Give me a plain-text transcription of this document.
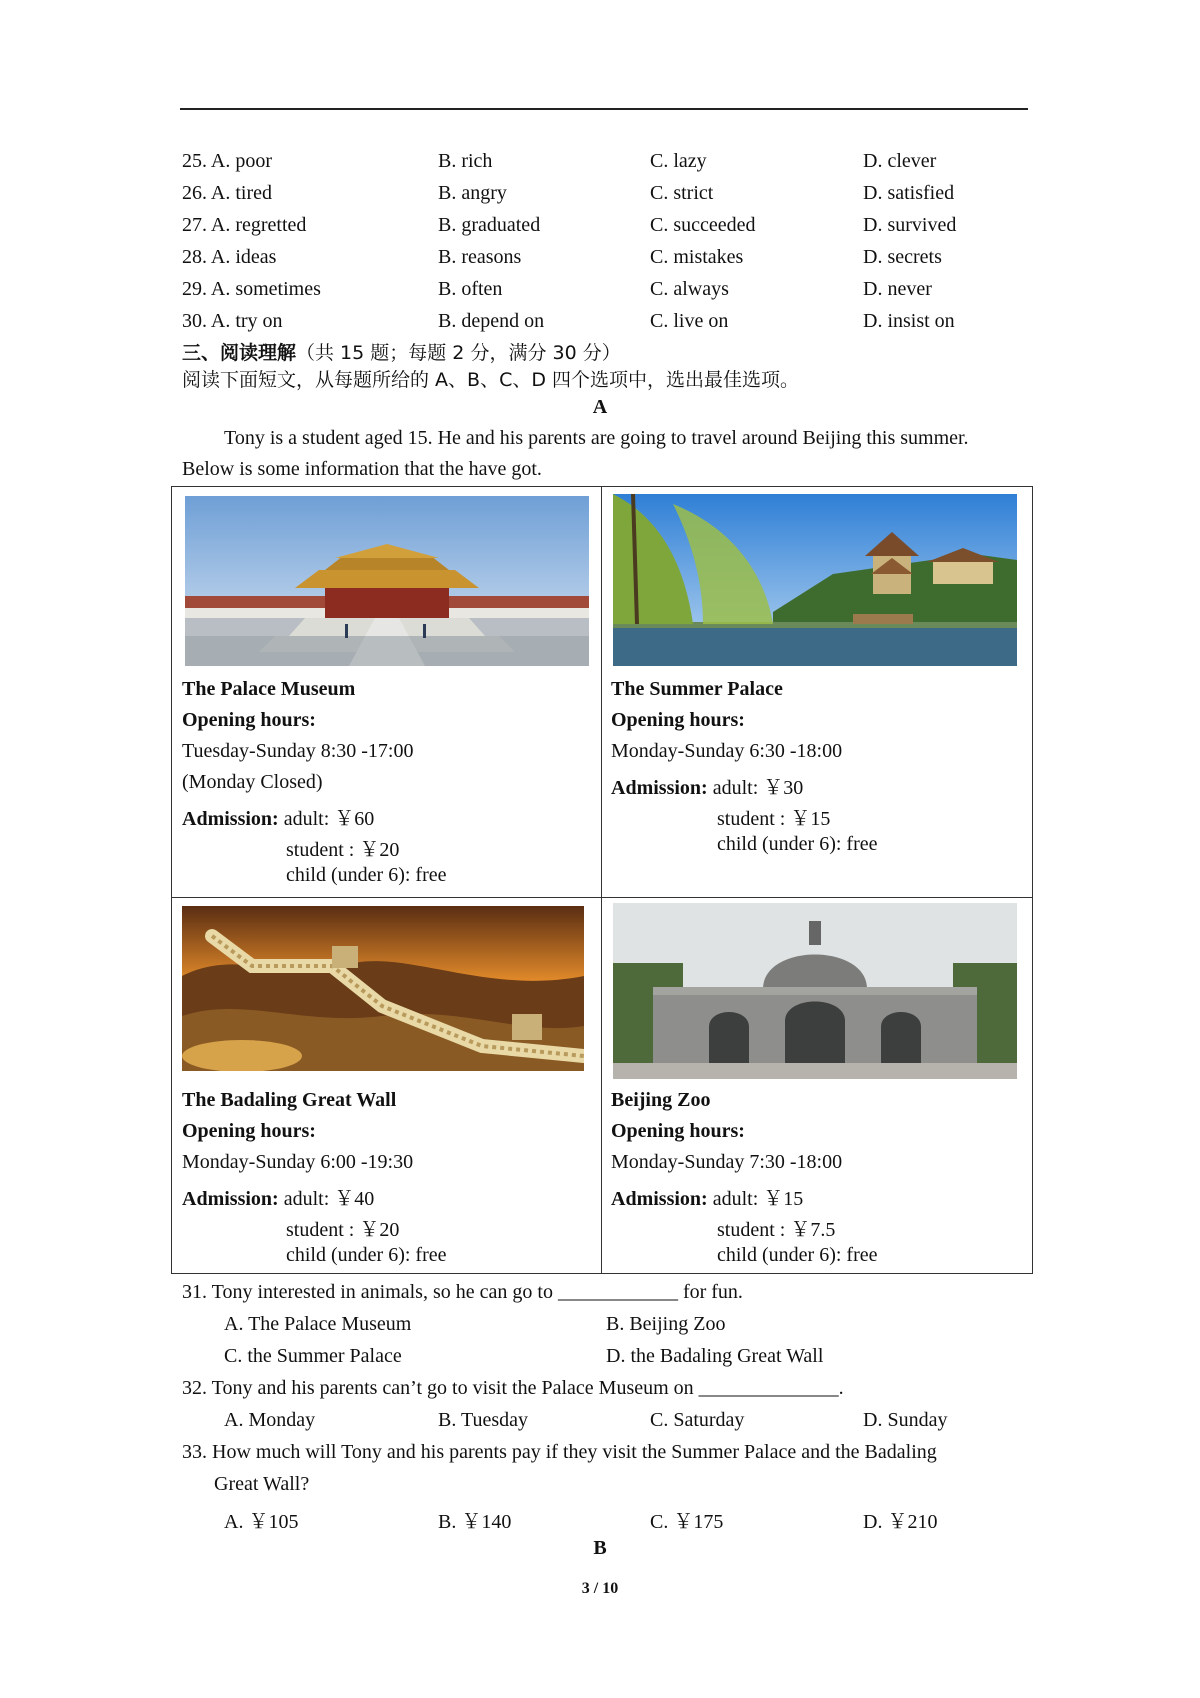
25. A. poor	B. rich	C. lazy	D. clever
26. A. tired	B. angry	C. strict	D. satisfied
27. A. regretted	B. graduated	C. succeeded	D. survived
28. A. ideas	B. reasons	C. mistakes	D. secrets
29. A. sometimes	B. often	C. always	D. never
30. A. try on	B. depend on	C. live on	D. insist on
三、阅读理解（共 15 题；每题 2 分，满分 30 分）
阅读下面短文，从每题所给的 A、B、C、D 四个选项中，选出最佳选项。
A
Tony is a student aged 15. He and his parents are going to travel around Beijing this summer.
Below is some information that the have got.
The Palace Museum
Opening hours:
Tuesday-Sunday 8:30 -17:00
(Monday Closed)
Admission: adult: ￥60
student : ￥20
child (under 6): free
The Summer Palace
Opening hours:
Monday-Sunday 6:30 -18:00
Admission: adult: ￥30
student : ￥15
child (under 6): free
The Badaling Great Wall
Opening hours:
Monday-Sunday 6:00 -19:30
Admission: adult: ￥40
student : ￥20
child (under 6): free
Beijing Zoo
Opening hours:
Monday-Sunday 7:30 -18:00
Admission: adult: ￥15
student : ￥7.5
child (under 6): free
31. Tony interested in animals, so he can go to ____________ for fun.
A. The Palace Museum	B. Beijing Zoo
C. the Summer Palace	D. the Badaling Great Wall
32. Tony and his parents can’t go to visit the Palace Museum on ______________.
A. Monday	B. Tuesday	C. Saturday	D. Sunday
33. How much will Tony and his parents pay if they visit the Summer Palace and the Badaling
Great Wall?
A. ￥105	B. ￥140	C. ￥175	D. ￥210
B
3 / 10
